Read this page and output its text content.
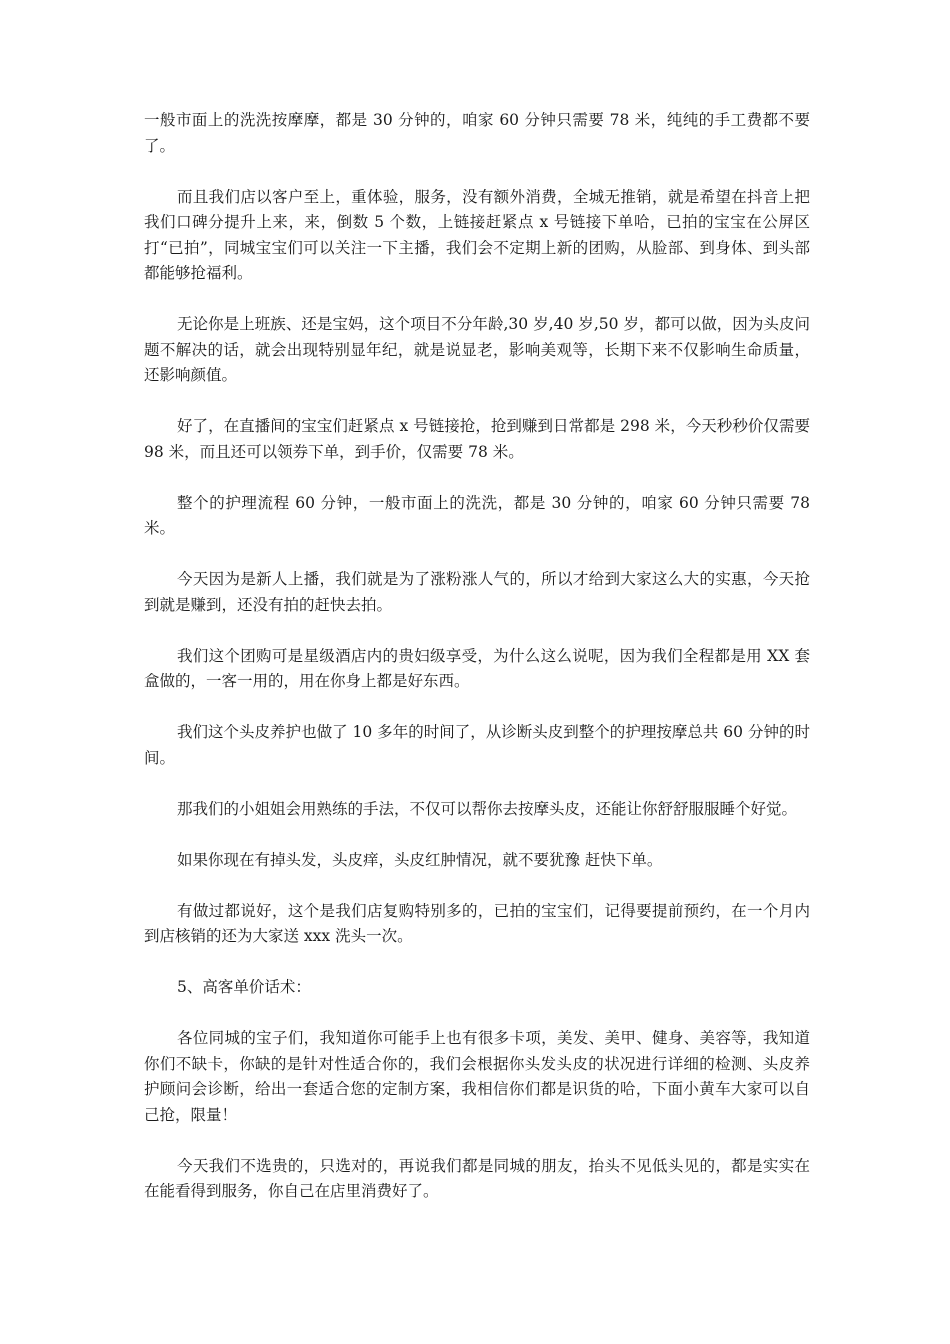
一般市面上的洗洗按摩摩，都是 30 分钟的，咱家 60 分钟只需要 78 米，纯纯的手工费都不要了。

而且我们店以客户至上，重体验，服务，没有额外消费，全城无推销，就是希望在抖音上把我们口碑分提升上来，来，倒数 5 个数，上链接赶紧点 x 号链接下单哈，已拍的宝宝在公屏区打“已拍”，同城宝宝们可以关注一下主播，我们会不定期上新的团购，从脸部、到身体、到头部都能够抢福利。

无论你是上班族、还是宝妈，这个项目不分年龄,30 岁,40 岁,50 岁，都可以做，因为头皮问题不解决的话，就会出现特别显年纪，就是说显老，影响美观等，长期下来不仅影响生命质量，还影响颜值。

好了，在直播间的宝宝们赶紧点 x 号链接抢，抢到赚到日常都是 298 米，今天秒秒价仅需要 98 米，而且还可以领券下单，到手价，仅需要 78 米。

整个的护理流程 60 分钟，一般市面上的洗洗，都是 30 分钟的，咱家 60 分钟只需要 78 米。

今天因为是新人上播，我们就是为了涨粉涨人气的，所以才给到大家这么大的实惠，今天抢到就是赚到，还没有拍的赶快去拍。

我们这个团购可是星级酒店内的贵妇级享受，为什么这么说呢，因为我们全程都是用 XX 套盒做的，一客一用的，用在你身上都是好东西。

我们这个头皮养护也做了 10 多年的时间了，从诊断头皮到整个的护理按摩总共 60 分钟的时间。

那我们的小姐姐会用熟练的手法，不仅可以帮你去按摩头皮，还能让你舒舒服服睡个好觉。

如果你现在有掉头发，头皮痒，头皮红肿情况，就不要犹豫 赶快下单。

有做过都说好，这个是我们店复购特别多的，已拍的宝宝们，记得要提前预约，在一个月内到店核销的还为大家送 xxx 洗头一次。

5、高客单价话术：

各位同城的宝子们，我知道你可能手上也有很多卡项，美发、美甲、健身、美容等，我知道你们不缺卡，你缺的是针对性适合你的，我们会根据你头发头皮的状况进行详细的检测、头皮养护顾问会诊断，给出一套适合您的定制方案，我相信你们都是识货的哈，下面小黄车大家可以自己抢，限量！

今天我们不选贵的，只选对的，再说我们都是同城的朋友，抬头不见低头见的，都是实实在在能看得到服务，你自己在店里消费好了。
